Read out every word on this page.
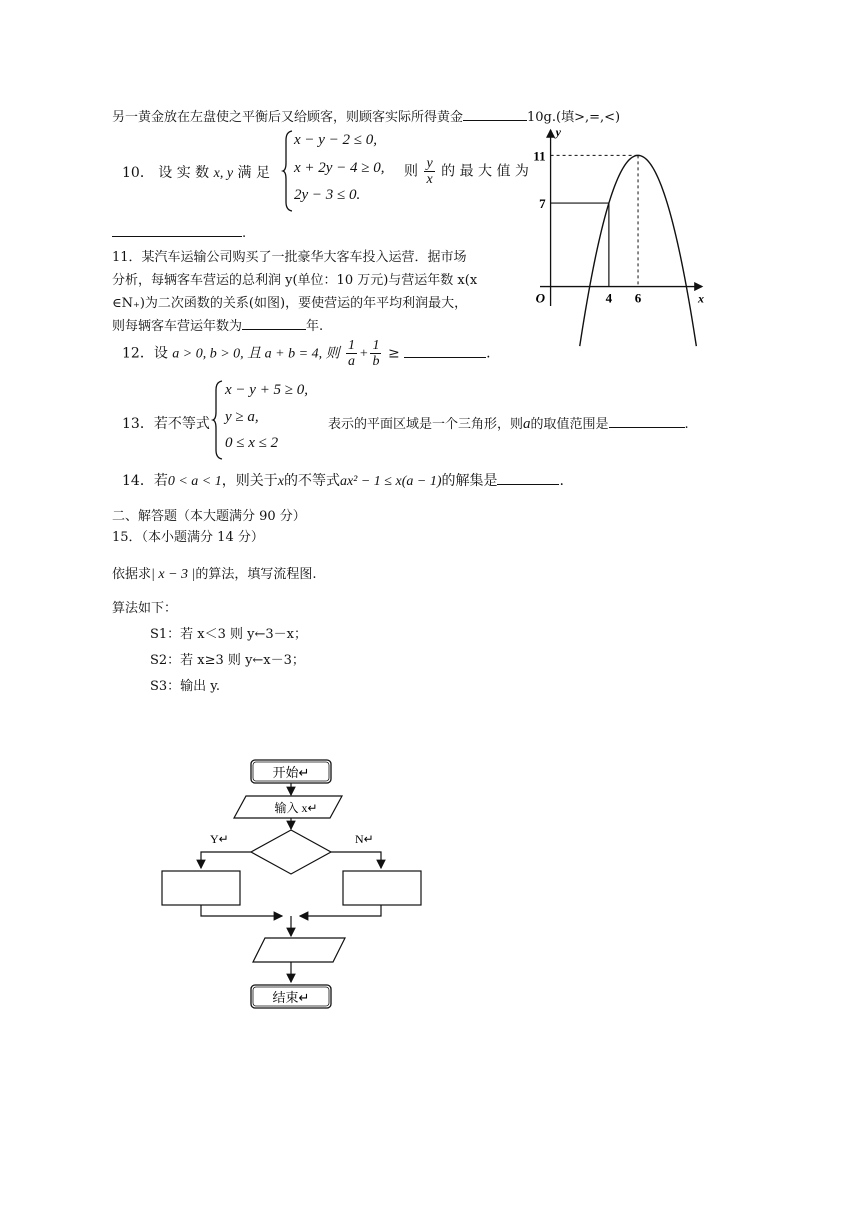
另一黄金放在左盘使之平衡后又给顾客，则顾客实际所得黄金	10g.(填>,=,<)
10． 设 实 数 x, y 满 足
x − y − 2 ≤ 0,
x + 2y − 4 ≥ 0,
2y − 3 ≤ 0.
则 $\frac{y}{x}$ 的 最 大 值 为
.
11．某汽车运输公司购买了一批豪华大客车投入运营．据市场
分析，每辆客车营运的总利润 y(单位：10 万元)与营运年数 x(x
∈N₊)为二次函数的关系(如图)，要使营运的年平均利润最大，
则每辆客车营运年数为	年.
x
y
O	4 6
7
11
12．设 a > 0, b > 0, 且 a + b = 4, 则 $\frac{1}{a} + \frac{1}{b}$ ≥	.
13．若不等式
x − y + 5 ≥ 0,
y ≥ a,
0 ≤ x ≤ 2
表示的平面区域是一个三角形，则a的取值范围是	.
14．若0 < a < 1，则关于x的不等式ax² − 1 ≤ x(a − 1)的解集是	.
二、解答题（本大题满分 90 分）
15．（本小题满分 14 分）
依据求| x − 3 |的算法，填写流程图.
算法如下：
S1：若 x＜3 则 y←3－x；
S2：若 x≥3 则 y←x－3；
S3：输出 y.
开始↵
输入 x↵
Y↵	N↵
结束↵
